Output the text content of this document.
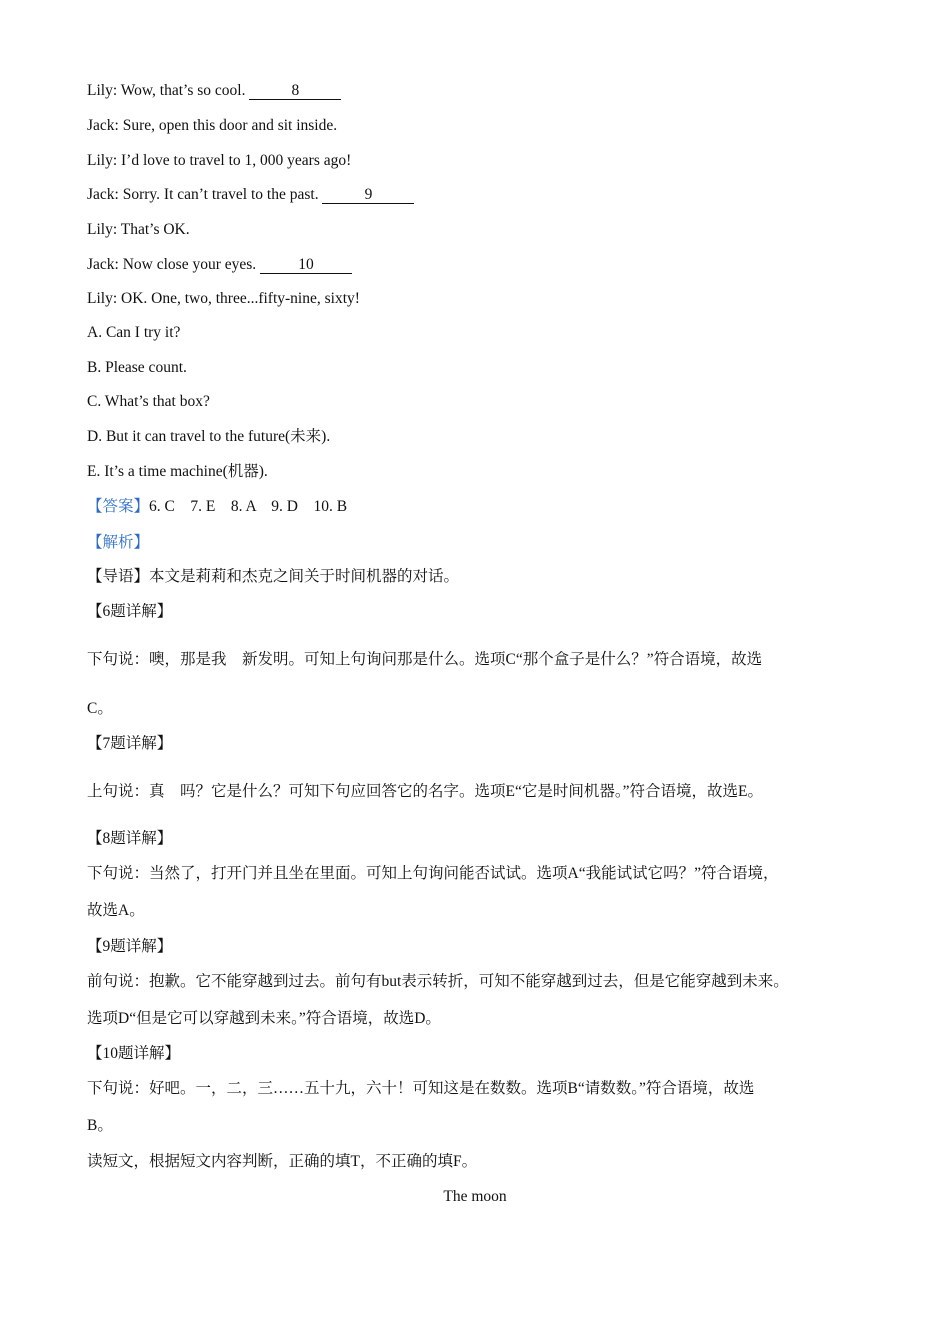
Lily: Wow, that’s so cool.	8
Jack: Sure, open this door and sit inside.
Lily: I’d love to travel to 1, 000 years ago!
Jack: Sorry. It can’t travel to the past.	9
Lily: That’s OK.
Jack: Now close your eyes. 10
Lily: OK. One, two, three...fifty-nine, sixty!
A. Can I try it?
B. Please count.
C. What’s that box?
D. But it can travel to the future(未来).
E. It’s a time machine(机器).
【答案】6. C    7. E    8. A    9. D    10. B
【解析】
【导语】本文是莉莉和杰克之间关于时间机器的对话。
【6题详解】
下句说：噢，那是我    新发明。可知上句询问那是什么。选项C“那个盒子是什么？”符合语境，故选
C。
【7题详解】
上句说：真    吗？它是什么？可知下句应回答它的名字。选项E“它是时间机器。”符合语境，故选E。
【8题详解】
下句说：当然了，打开门并且坐在里面。可知上句询问能否试试。选项A“我能试试它吗？”符合语境，
故选A。
【9题详解】
前句说：抱歉。它不能穿越到过去。前句有but表示转折，可知不能穿越到过去，但是它能穿越到未来。
选项D“但是它可以穿越到未来。”符合语境，故选D。
【10题详解】
下句说：好吧。一，二，三……五十九，六十！可知这是在数数。选项B“请数数。”符合语境，故选
B。
读短文，根据短文内容判断，正确的填T，不正确的填F。
The moon
